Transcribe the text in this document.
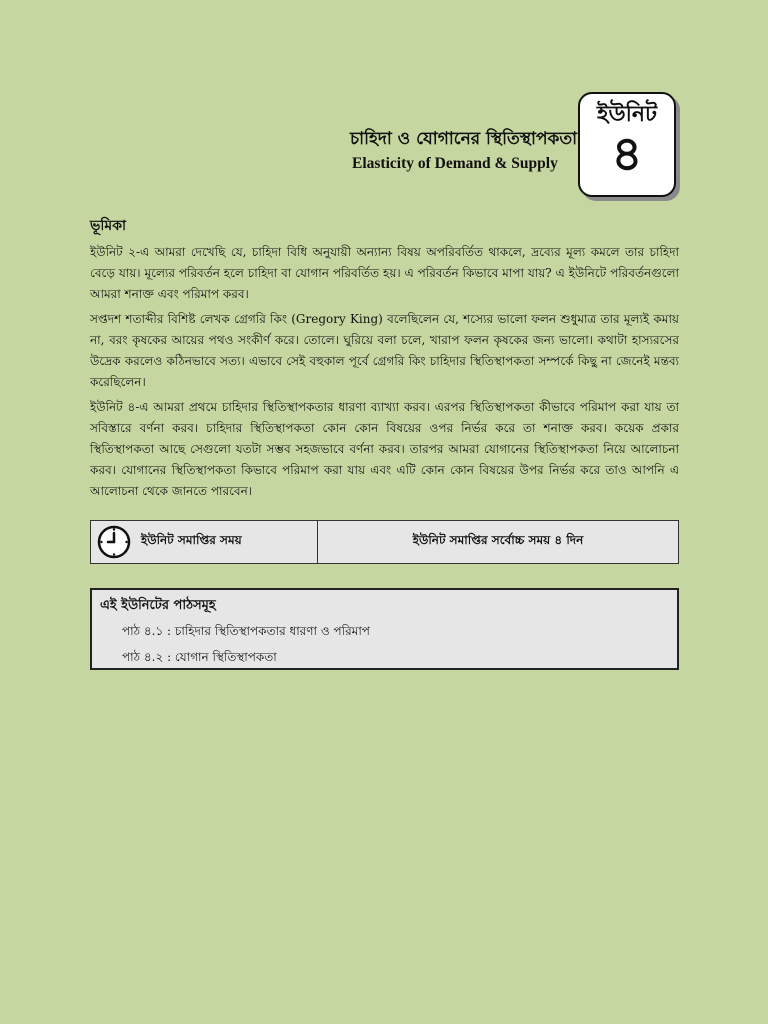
ইউনিট
৪
চাহিদা ও যোগানের স্থিতিস্থাপকতা
Elasticity of Demand & Supply
ভূমিকা

ইউনিট ২-এ আমরা দেখেছি যে, চাহিদা বিধি অনুযায়ী অন্যান্য বিষয় অপরিবর্তিত থাকলে, দ্রব্যের মূল্য কমলে তার চাহিদা বেড়ে যায়। মূল্যের পরিবর্তন হলে চাহিদা বা যোগান পরিবর্তিত হয়। এ পরিবর্তন কিভাবে মাপা যায়? এ ইউনিটে পরিবর্তনগুলো আমরা শনাক্ত এবং পরিমাপ করব।

সপ্তদশ শতাব্দীর বিশিষ্ট লেখক গ্রেগরি কিং (Gregory King) বলেছিলেন যে, শস্যের ভালো ফলন শুধুমাত্র তার মূল্যই কমায় না, বরং কৃষকের আয়ের পথও সংকীর্ণ করে। তোলে। ঘুরিয়ে বলা চলে, খারাপ ফলন কৃষকের জন্য ভালো। কথাটা হাস্যরসের উদ্রেক করলেও কঠিনভাবে সত্য। এভাবে সেই বহুকাল পূর্বে গ্রেগরি কিং চাহিদার স্থিতিস্থাপকতা সম্পর্কে কিছু না জেনেই মন্তব্য করেছিলেন।

ইউনিট ৪-এ আমরা প্রথমে চাহিদার স্থিতিস্থাপকতার ধারণা ব্যাখ্যা করব। এরপর স্থিতিস্থাপকতা কীভাবে পরিমাপ করা যায় তা সবিস্তারে বর্ণনা করব। চাহিদার স্থিতিস্থাপকতা কোন কোন বিষয়ের ওপর নির্ভর করে তা শনাক্ত করব। কয়েক প্রকার স্থিতিস্থাপকতা আছে সেগুলো যতটা সম্ভব সহজভাবে বর্ণনা করব। তারপর আমরা যোগানের স্থিতিস্থাপকতা নিয়ে আলোচনা করব। যোগানের স্থিতিস্থাপকতা কিভাবে পরিমাপ করা যায় এবং এটি কোন কোন বিষয়ের উপর নির্ভর করে তাও আপনি এ আলোচনা থেকে জানতে পারবেন।

ইউনিট সমাপ্তির সময়	ইউনিট সমাপ্তির সর্বোচ্চ সময় ৪ দিন
এই ইউনিটের পাঠসমূহ
পাঠ ৪.১ : চাহিদার স্থিতিস্থাপকতার ধারণা ও পরিমাপ
পাঠ ৪.২ : যোগান স্থিতিস্থাপকতা
